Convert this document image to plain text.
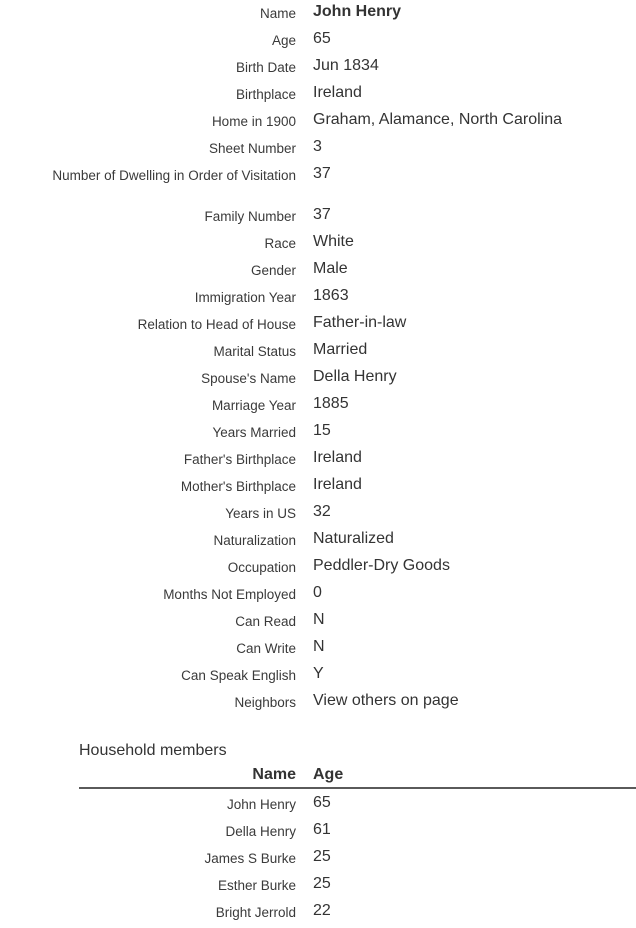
Name John Henry
Age 65
Birth Date Jun 1834
Birthplace Ireland
Home in 1900 Graham, Alamance, North Carolina
Sheet Number 3
Number of Dwelling in Order of Visitation 37
Family Number 37
Race White
Gender Male
Immigration Year 1863
Relation to Head of House Father-in-law
Marital Status Married
Spouse's Name Della Henry
Marriage Year 1885
Years Married 15
Father's Birthplace Ireland
Mother's Birthplace Ireland
Years in US 32
Naturalization Naturalized
Occupation Peddler-Dry Goods
Months Not Employed 0
Can Read N
Can Write N
Can Speak English Y
Neighbors View others on page
Household members
Name Age
John Henry 65
Della Henry 61
James S Burke 25
Esther Burke 25
Bright Jerrold 22
